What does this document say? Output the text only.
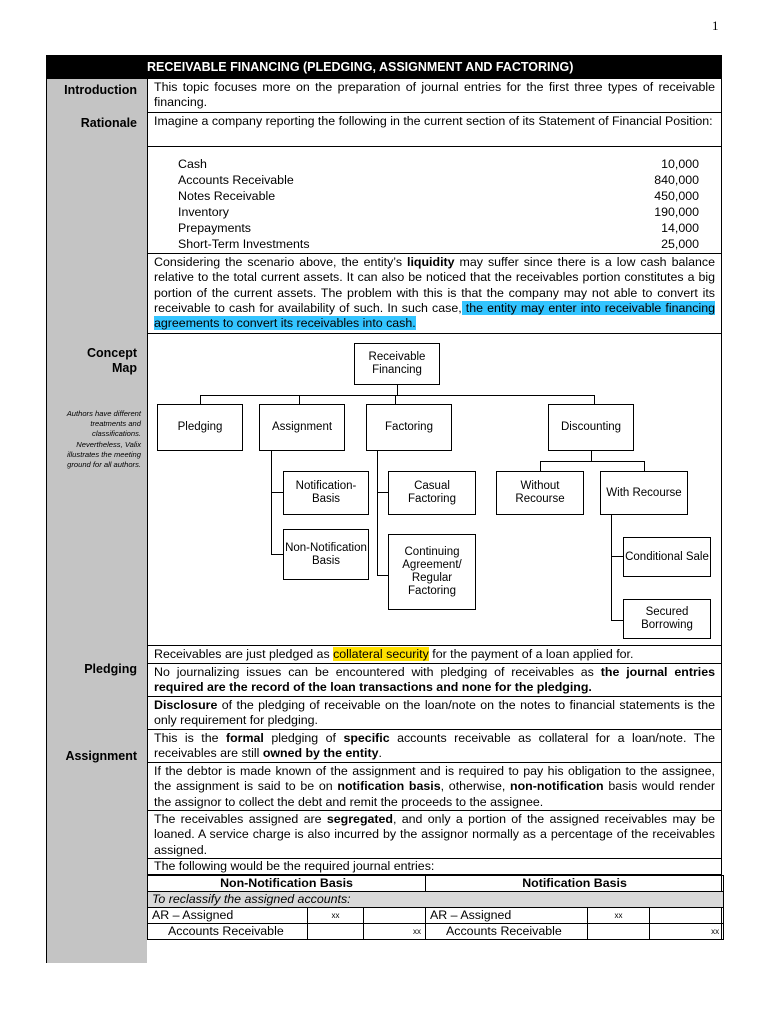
1
RECEIVABLE FINANCING (PLEDGING, ASSIGNMENT AND FACTORING)
Introduction
Rationale
Concept
Map
Authors have different treatments and classifications. Nevertheless, Valix illustrates the meeting ground for all authors.
Pledging
Assignment
This topic focuses more on the preparation of journal entries for the first three types of receivable financing.
Imagine a company reporting the following in the current section of its Statement of Financial Position:
Cash	10,000
Accounts Receivable	840,000
Notes Receivable	450,000
Inventory	190,000
Prepayments	14,000
Short-Term Investments	25,000
Considering the scenario above, the entity’s liquidity may suffer since there is a low cash balance relative to the total current assets. It can also be noticed that the receivables portion constitutes a big portion of the current assets. The problem with this is that the company may not able to convert its receivable to cash for availability of such. In such case, the entity may enter into receivable financing agreements to convert its receivables into cash.
Receivable Financing
Pledging	Assignment	Factoring	Discounting
Notification-Basis
Non-Notification Basis
Casual Factoring
Continuing Agreement/ Regular Factoring
Without Recourse
With Recourse
Conditional Sale
Secured Borrowing
Receivables are just pledged as collateral security for the payment of a loan applied for.
No journalizing issues can be encountered with pledging of receivables as the journal entries required are the record of the loan transactions and none for the pledging.
Disclosure of the pledging of receivable on the loan/note on the notes to financial statements is the only requirement for pledging.
This is the formal pledging of specific accounts receivable as collateral for a loan/note. The receivables are still owned by the entity.
If the debtor is made known of the assignment and is required to pay his obligation to the assignee, the assignment is said to be on notification basis, otherwise, non-notification basis would render the assignor to collect the debt and remit the proceeds to the assignee.
The receivables assigned are segregated, and only a portion of the assigned receivables may be loaned. A service charge is also incurred by the assignor normally as a percentage of the receivables assigned.
The following would be the required journal entries:
Non-Notification Basis			Notification Basis		
To reclassify the assigned accounts:					
AR – Assigned	xx		AR – Assigned	xx	
Accounts Receivable		xx	Accounts Receivable		xx
